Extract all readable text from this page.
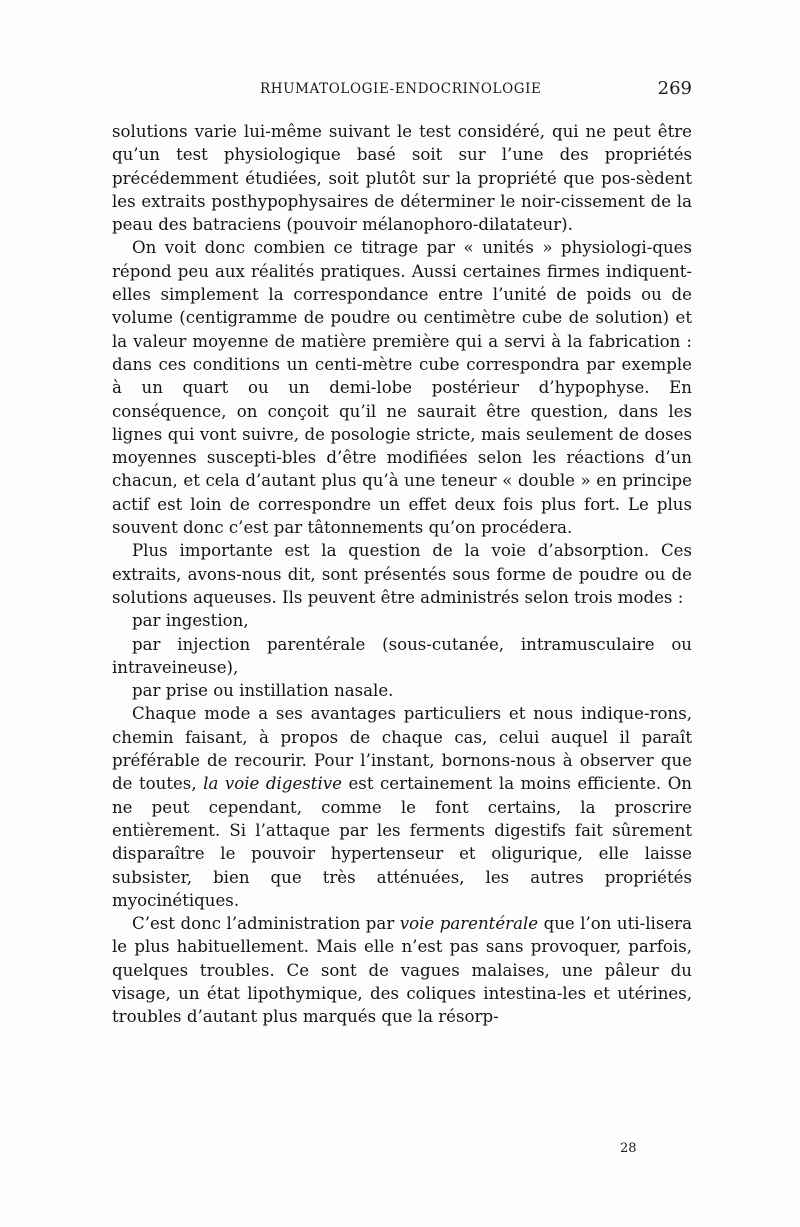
RHUMATOLOGIE-ENDOCRINOLOGIE	269

solutions varie lui-même suivant le test considéré, qui ne peut être qu’un test physiologique basé soit sur l’une des propriétés précédemment étudiées, soit plutôt sur la propriété que pos-sèdent les extraits posthypophysaires de déterminer le noir-cissement de la peau des batraciens (pouvoir mélanophoro-dilatateur).

On voit donc combien ce titrage par « unités » physiologi-ques répond peu aux réalités pratiques. Aussi certaines firmes indiquent-elles simplement la correspondance entre l’unité de poids ou de volume (centigramme de poudre ou centimètre cube de solution) et la valeur moyenne de matière première qui a servi à la fabrication : dans ces conditions un centi-mètre cube correspondra par exemple à un quart ou un demi-lobe postérieur d’hypophyse. En conséquence, on conçoit qu’il ne saurait être question, dans les lignes qui vont suivre, de posologie stricte, mais seulement de doses moyennes suscepti-bles d’être modifiées selon les réactions d’un chacun, et cela d’autant plus qu’à une teneur « double » en principe actif est loin de correspondre un effet deux fois plus fort. Le plus souvent donc c’est par tâtonnements qu’on procédera.

Plus importante est la question de la voie d’absorption. Ces extraits, avons-nous dit, sont présentés sous forme de poudre ou de solutions aqueuses. Ils peuvent être administrés selon trois modes :

par ingestion,

par injection parentérale (sous-cutanée, intramusculaire ou intraveineuse),

par prise ou instillation nasale.

Chaque mode a ses avantages particuliers et nous indique-rons, chemin faisant, à propos de chaque cas, celui auquel il paraît préférable de recourir. Pour l’instant, bornons-nous à observer que de toutes, la voie digestive est certainement la moins efficiente. On ne peut cependant, comme le font certains, la proscrire entièrement. Si l’attaque par les ferments digestifs fait sûrement disparaître le pouvoir hypertenseur et oligurique, elle laisse subsister, bien que très atténuées, les autres propriétés myocinétiques.

C’est donc l’administration par voie parentérale que l’on uti-lisera le plus habituellement. Mais elle n’est pas sans provoquer, parfois, quelques troubles. Ce sont de vagues malaises, une pâleur du visage, un état lipothymique, des coliques intestina-les et utérines, troubles d’autant plus marqués que la résorp-

28
